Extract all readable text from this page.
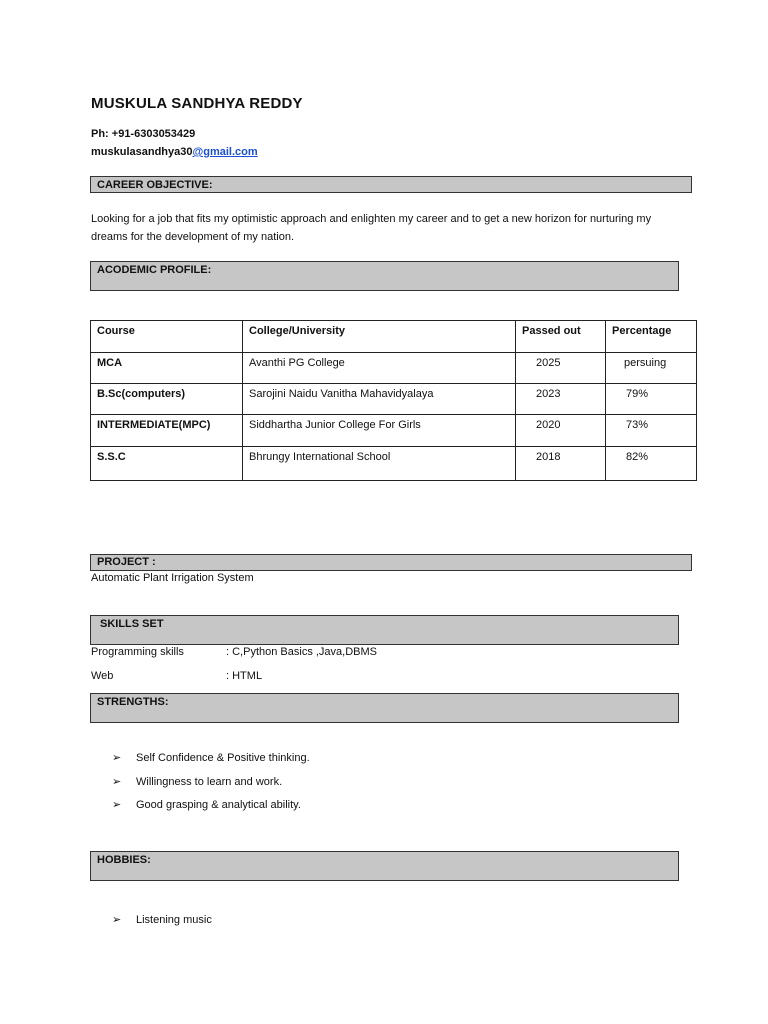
MUSKULA SANDHYA REDDY
Ph: +91-6303053429
muskulasandhya30@gmail.com
CAREER OBJECTIVE:
Looking for a job that fits my optimistic approach and enlighten my career and to get a new horizon for nurturing my dreams for the development of my nation.
ACODEMIC PROFILE:
Course	College/University	Passed out	Percentage
MCA	Avanthi PG College	2025	persuing
B.Sc(computers)	Sarojini Naidu Vanitha Mahavidyalaya	2023	79%
INTERMEDIATE(MPC)	Siddhartha Junior College For Girls	2020	73%
S.S.C	Bhrungy International School	2018	82%
PROJECT :
Automatic Plant Irrigation System
SKILLS SET
Programming skills	: C,Python Basics ,Java,DBMS
Web	: HTML
STRENGTHS:
➢ Self Confidence & Positive thinking.
➢ Willingness to learn and work.
➢ Good grasping & analytical ability.
HOBBIES:
➢ Listening music
